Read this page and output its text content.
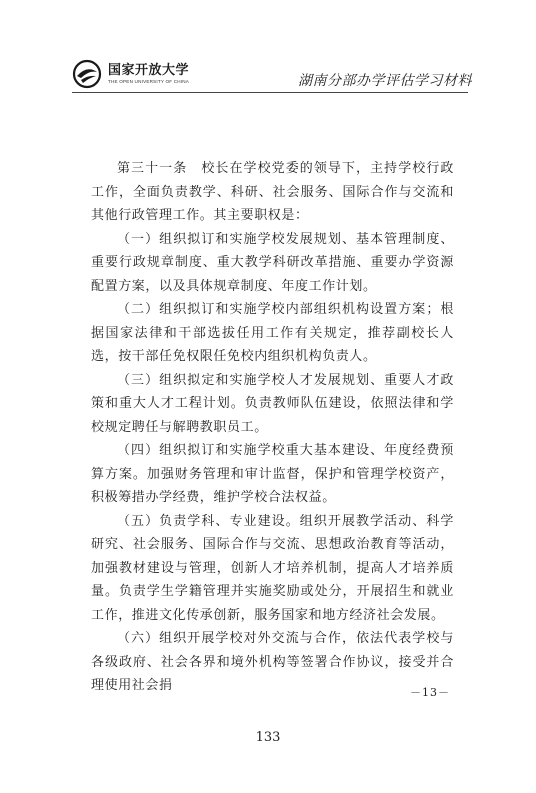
国家开放大学
THE OPEN UNIVERSITY OF CHINA	湖南分部办学评估学习材料

第三十一条　校长在学校党委的领导下，主持学校行政工作，全面负责教学、科研、社会服务、国际合作与交流和其他行政管理工作。其主要职权是：

（一）组织拟订和实施学校发展规划、基本管理制度、重要行政规章制度、重大教学科研改革措施、重要办学资源配置方案，以及具体规章制度、年度工作计划。

（二）组织拟订和实施学校内部组织机构设置方案；根据国家法律和干部选拔任用工作有关规定，推荐副校长人选，按干部任免权限任免校内组织机构负责人。

（三）组织拟定和实施学校人才发展规划、重要人才政策和重大人才工程计划。负责教师队伍建设，依照法律和学校规定聘任与解聘教职员工。

（四）组织拟订和实施学校重大基本建设、年度经费预算方案。加强财务管理和审计监督，保护和管理学校资产，积极筹措办学经费，维护学校合法权益。

（五）负责学科、专业建设。组织开展教学活动、科学研究、社会服务、国际合作与交流、思想政治教育等活动，加强教材建设与管理，创新人才培养机制，提高人才培养质量。负责学生学籍管理并实施奖励或处分，开展招生和就业工作，推进文化传承创新，服务国家和地方经济社会发展。

（六）组织开展学校对外交流与合作，依法代表学校与各级政府、社会各界和境外机构等签署合作协议，接受并合理使用社会捐	－13－
133
